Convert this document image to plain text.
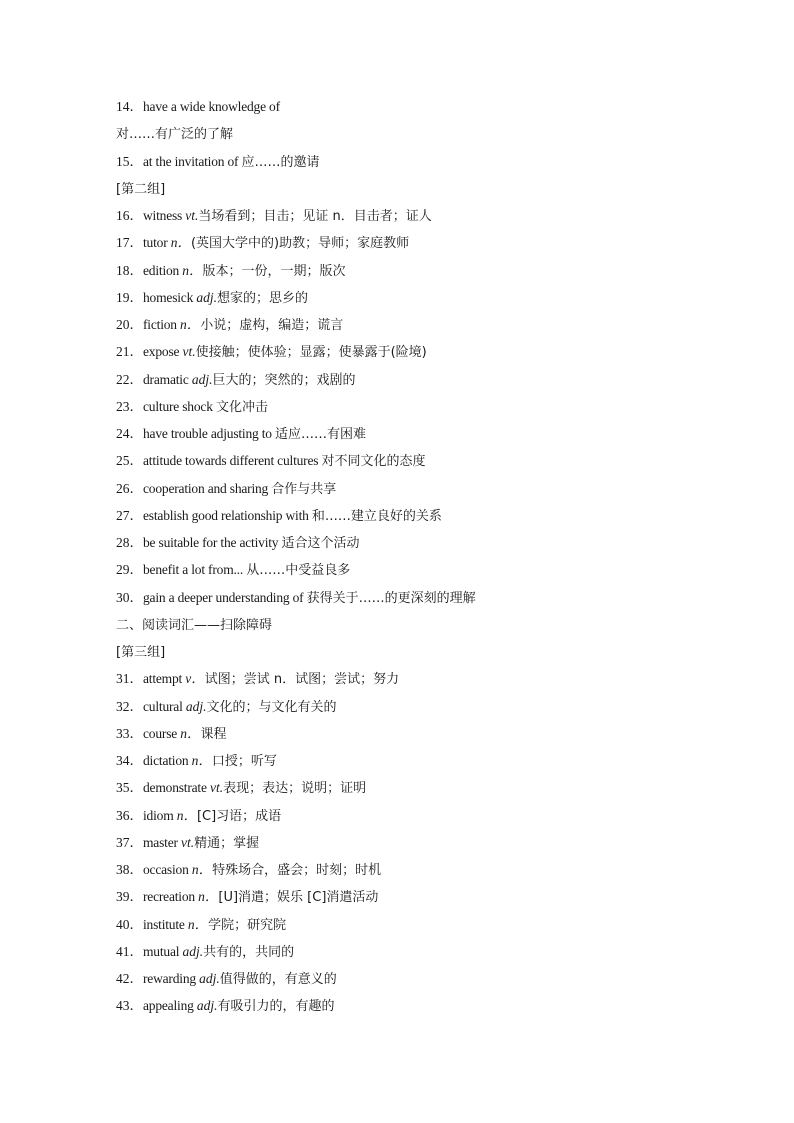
14．have a wide knowledge of
对……有广泛的了解
15．at the invitation of 应……的邀请
[第二组]
16．witness vt.当场看到；目击；见证 n．目击者；证人
17．tutor n．(英国大学中的)助教；导师；家庭教师
18．edition n．版本；一份，一期；版次
19．homesick adj.想家的；思乡的
20．fiction n．小说；虚构，编造；谎言
21．expose vt.使接触；使体验；显露；使暴露于(险境)
22．dramatic adj.巨大的；突然的；戏剧的
23．culture shock 文化冲击
24．have trouble adjusting to 适应……有困难
25．attitude towards different cultures 对不同文化的态度
26．cooperation and sharing 合作与共享
27．establish good relationship with 和……建立良好的关系
28．be suitable for the activity 适合这个活动
29．benefit a lot from... 从……中受益良多
30．gain a deeper understanding of 获得关于……的更深刻的理解
二、阅读词汇——扫除障碍
[第三组]
31．attempt v．试图；尝试 n．试图；尝试；努力
32．cultural adj.文化的；与文化有关的
33．course n．课程
34．dictation n．口授；听写
35．demonstrate vt.表现；表达；说明；证明
36．idiom n．[C]习语；成语
37．master vt.精通；掌握
38．occasion n．特殊场合，盛会；时刻；时机
39．recreation n．[U]消遣；娱乐 [C]消遣活动
40．institute n．学院；研究院
41．mutual adj.共有的，共同的
42．rewarding adj.值得做的，有意义的
43．appealing adj.有吸引力的，有趣的
